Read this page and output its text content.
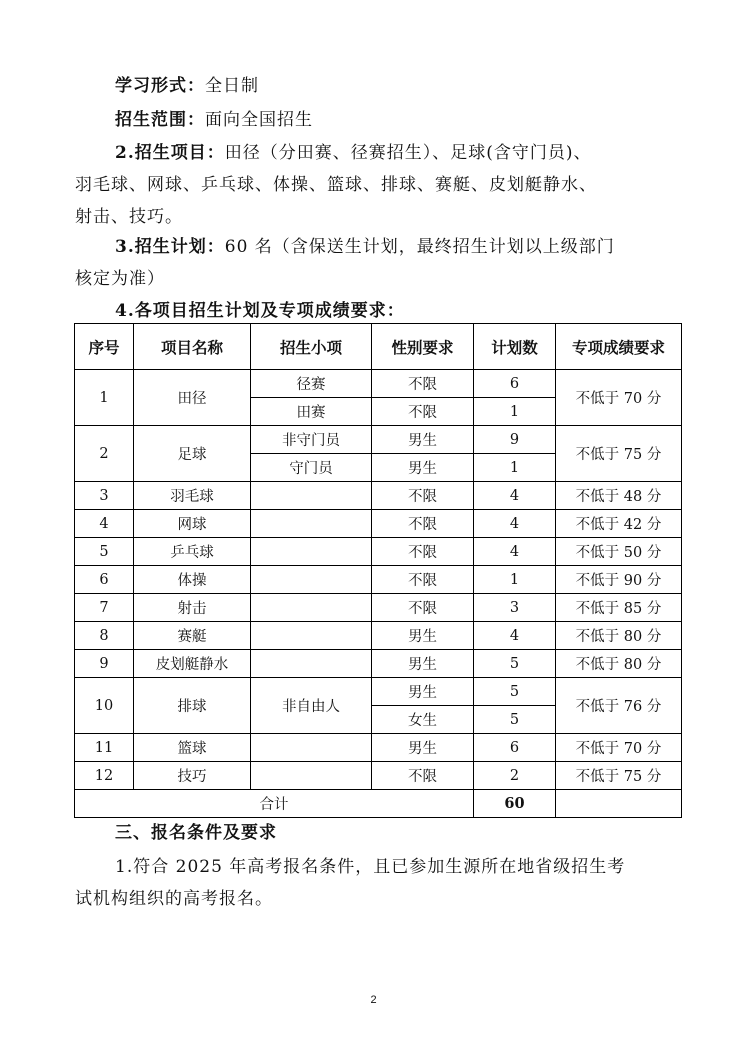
学习形式：全日制
招生范围：面向全国招生
2.招生项目：田径（分田赛、径赛招生）、足球(含守门员)、
羽毛球、网球、乒乓球、体操、篮球、排球、赛艇、皮划艇静水、
射击、技巧。
3.招生计划：60 名（含保送生计划，最终招生计划以上级部门
核定为准）
4.各项目招生计划及专项成绩要求：
序号	项目名称	招生小项	性别要求	计划数	专项成绩要求
1	田径	径赛	不限	6	不低于 70 分
		田赛	不限	1	
2	足球	非守门员	男生	9	不低于 75 分
		守门员	男生	1	
3	羽毛球		不限	4	不低于 48 分
4	网球		不限	4	不低于 42 分
5	乒乓球		不限	4	不低于 50 分
6	体操		不限	1	不低于 90 分
7	射击		不限	3	不低于 85 分
8	赛艇		男生	4	不低于 80 分
9	皮划艇静水		男生	5	不低于 80 分
10	排球	非自由人	男生	5	不低于 76 分
			女生	5	
11	篮球		男生	6	不低于 70 分
12	技巧		不限	2	不低于 75 分
合计				60	
三、报名条件及要求
1.符合 2025 年高考报名条件，且已参加生源所在地省级招生考
试机构组织的高考报名。
2
